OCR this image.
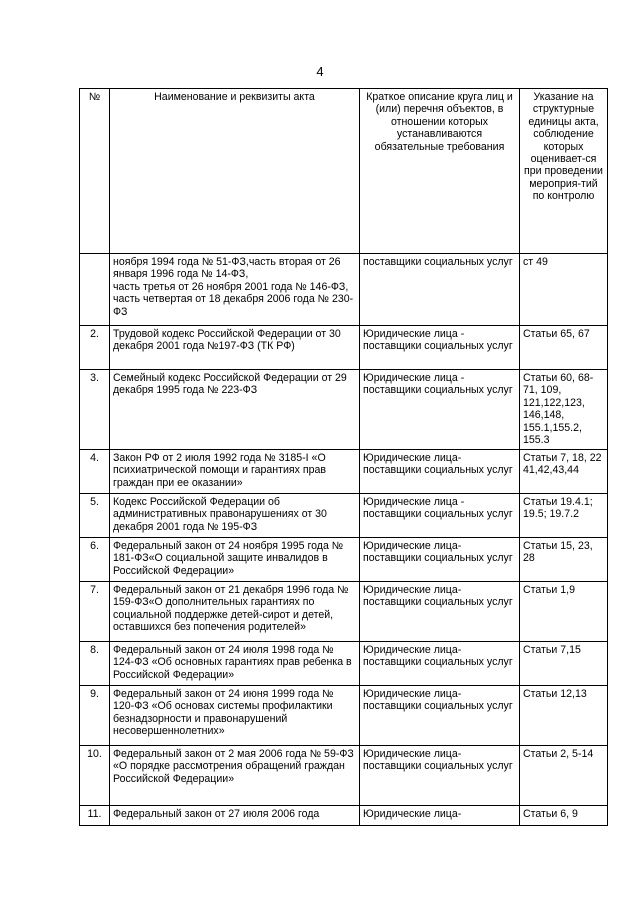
4
№	Наименование и реквизиты акта	Краткое описание круга лиц и (или) перечня объектов, в отношении которых устанавливаются обязательные требования	Указание на структурные единицы акта, соблюдение которых оценивает-ся при проведении мероприя-тий по контролю
	ноября 1994 года № 51-ФЗ,часть вторая от 26 января 1996 года № 14-ФЗ,
часть третья от 26 ноября 2001 года № 146-ФЗ, часть четвертая от 18 декабря 2006 года № 230-ФЗ	поставщики социальных услуг	ст 49
2.	Трудовой кодекс Российской Федерации от 30 декабря 2001 года №197-ФЗ (ТК РФ)	Юридические лица - поставщики социальных услуг	Статьи 65, 67
3.	Семейный кодекс Российской Федерации от 29 декабря 1995 года № 223-ФЗ	Юридические лица - поставщики социальных услуг	Статьи 60, 68-71, 109, 121,122,123, 146,148, 155.1,155.2, 155.3
4.	Закон РФ от 2 июля 1992 года № 3185-I «О психиатрической помощи и гарантиях прав граждан при ее оказании»	Юридические лица-поставщики социальных услуг	Статьи 7, 18, 22
41,42,43,44
5.	Кодекс Российской Федерации об административных правонарушениях от 30 декабря 2001 года № 195-ФЗ	Юридические лица - поставщики социальных услуг	Статьи 19.4.1; 19.5; 19.7.2
6.	Федеральный закон от 24 ноября 1995 года № 181-ФЗ«О социальной защите инвалидов в Российской Федерации»	Юридические лица-поставщики социальных услуг	Статьи 15, 23, 28
7.	Федеральный закон от 21 декабря 1996 года № 159-ФЗ«О дополнительных гарантиях по социальной поддержке детей-сирот и детей, оставшихся без попечения родителей»	Юридические лица-поставщики социальных услуг	Статьи 1,9
8.	Федеральный закон от 24 июля 1998 года № 124-ФЗ «Об основных гарантиях прав ребенка в Российской Федерации»	Юридические лица-поставщики социальных услуг	Статьи 7,15
9.	Федеральный закон от 24 июня 1999 года № 120-ФЗ «Об основах системы профилактики безнадзорности и правонарушений несовершеннолетних»	Юридические лица-поставщики социальных услуг	Статьи 12,13
10.	Федеральный закон от 2 мая 2006 года № 59-ФЗ «О порядке рассмотрения обращений граждан Российской Федерации»	Юридические лица-поставщики социальных услуг	Статьи 2, 5-14
11.	Федеральный закон от 27 июля 2006 года	Юридические лица-	Статьи 6, 9
